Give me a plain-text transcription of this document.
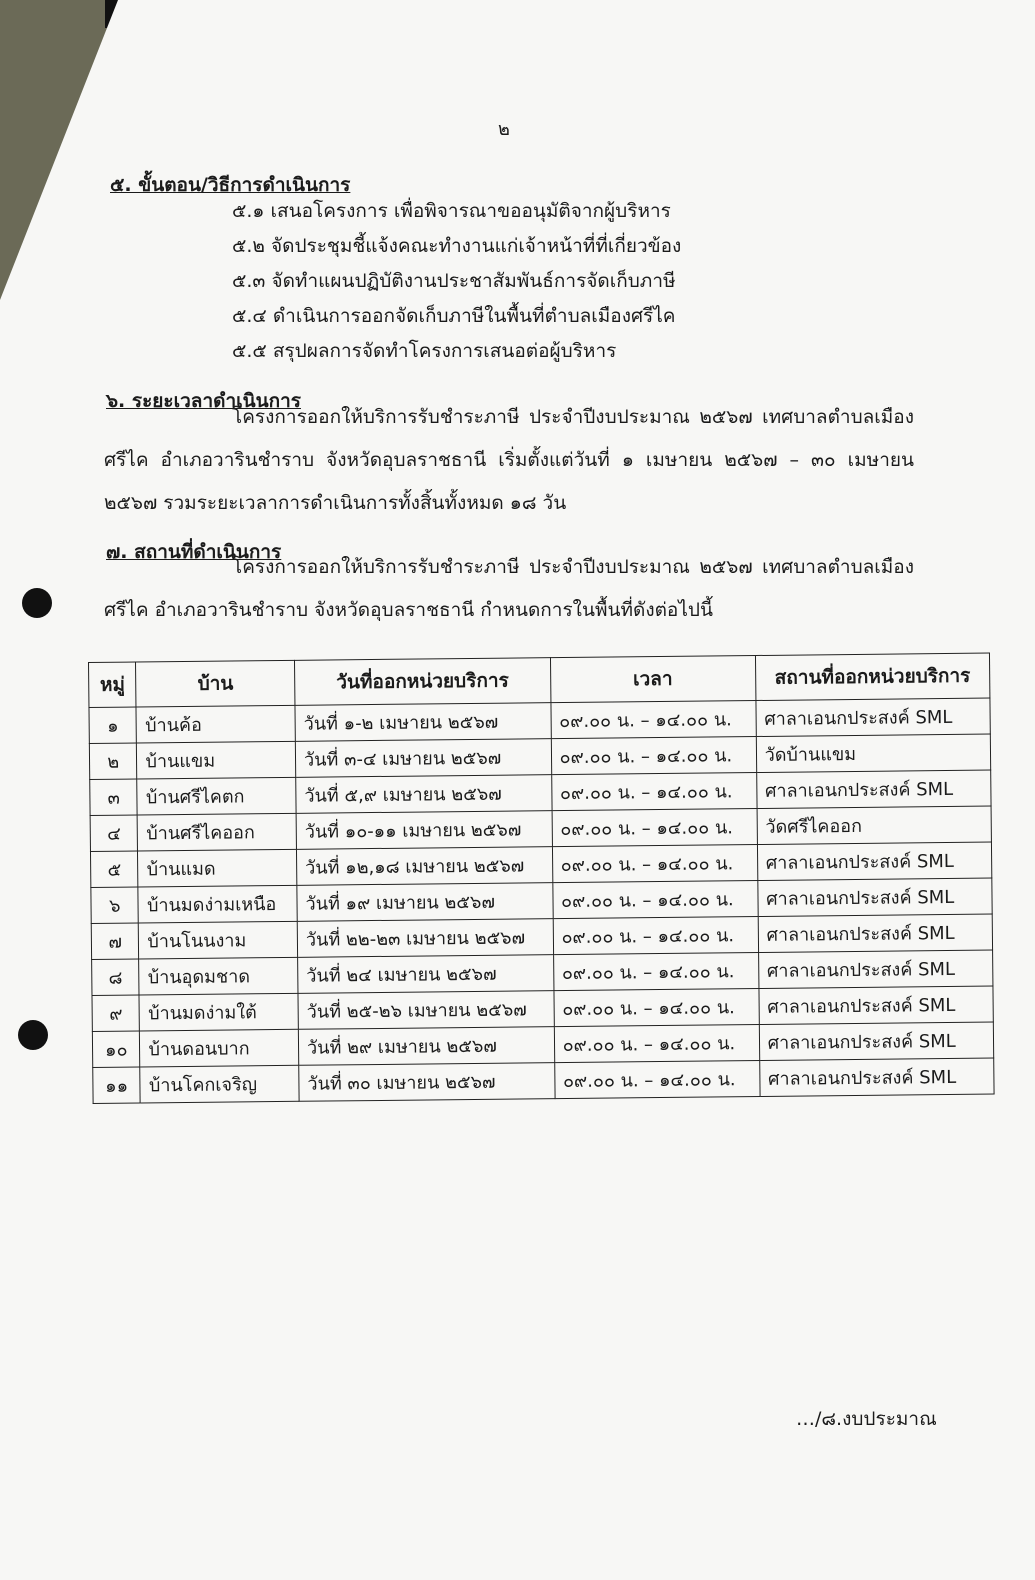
๒
๕. ขั้นตอน/วิธีการดำเนินการ
๕.๑ เสนอโครงการ เพื่อพิจารณาขออนุมัติจากผู้บริหาร
๕.๒ จัดประชุมชี้แจ้งคณะทำงานแก่เจ้าหน้าที่ที่เกี่ยวข้อง
๕.๓ จัดทำแผนปฏิบัติงานประชาสัมพันธ์การจัดเก็บภาษี
๕.๔ ดำเนินการออกจัดเก็บภาษีในพื้นที่ตำบลเมืองศรีไค
๕.๕ สรุปผลการจัดทำโครงการเสนอต่อผู้บริหาร
๖. ระยะเวลาดำเนินการ
โครงการออกให้บริการรับชำระภาษี ประจำปีงบประมาณ ๒๕๖๗ เทศบาลตำบลเมืองศรีไค อำเภอวารินชำราบ จังหวัดอุบลราชธานี เริ่มตั้งแต่วันที่ ๑ เมษายน ๒๕๖๗ – ๓๐ เมษายน ๒๕๖๗ รวมระยะเวลาการดำเนินการทั้งสิ้นทั้งหมด ๑๘ วัน
๗. สถานที่ดำเนินการ
โครงการออกให้บริการรับชำระภาษี ประจำปีงบประมาณ ๒๕๖๗ เทศบาลตำบลเมืองศรีไค อำเภอวารินชำราบ จังหวัดอุบลราชธานี กำหนดการในพื้นที่ดังต่อไปนี้
หมู่	บ้าน	วันที่ออกหน่วยบริการ	เวลา	สถานที่ออกหน่วยบริการ
๑	บ้านค้อ	วันที่ ๑-๒ เมษายน ๒๕๖๗	๐๙.๐๐ น. – ๑๔.๐๐ น.	ศาลาเอนกประสงค์ SML
๒	บ้านแขม	วันที่ ๓-๔ เมษายน ๒๕๖๗	๐๙.๐๐ น. – ๑๔.๐๐ น.	วัดบ้านแขม
๓	บ้านศรีไคตก	วันที่ ๕,๙ เมษายน ๒๕๖๗	๐๙.๐๐ น. – ๑๔.๐๐ น.	ศาลาเอนกประสงค์ SML
๔	บ้านศรีไคออก	วันที่ ๑๐-๑๑ เมษายน ๒๕๖๗	๐๙.๐๐ น. – ๑๔.๐๐ น.	วัดศรีไคออก
๕	บ้านแมด	วันที่ ๑๒,๑๘ เมษายน ๒๕๖๗	๐๙.๐๐ น. – ๑๔.๐๐ น.	ศาลาเอนกประสงค์ SML
๖	บ้านมดง่ามเหนือ	วันที่ ๑๙ เมษายน ๒๕๖๗	๐๙.๐๐ น. – ๑๔.๐๐ น.	ศาลาเอนกประสงค์ SML
๗	บ้านโนนงาม	วันที่ ๒๒-๒๓ เมษายน ๒๕๖๗	๐๙.๐๐ น. – ๑๔.๐๐ น.	ศาลาเอนกประสงค์ SML
๘	บ้านอุดมชาด	วันที่ ๒๔ เมษายน ๒๕๖๗	๐๙.๐๐ น. – ๑๔.๐๐ น.	ศาลาเอนกประสงค์ SML
๙	บ้านมดง่ามใต้	วันที่ ๒๕-๒๖ เมษายน ๒๕๖๗	๐๙.๐๐ น. – ๑๔.๐๐ น.	ศาลาเอนกประสงค์ SML
๑๐	บ้านดอนบาก	วันที่ ๒๙ เมษายน ๒๕๖๗	๐๙.๐๐ น. – ๑๔.๐๐ น.	ศาลาเอนกประสงค์ SML
๑๑	บ้านโคกเจริญ	วันที่ ๓๐ เมษายน ๒๕๖๗	๐๙.๐๐ น. – ๑๔.๐๐ น.	ศาลาเอนกประสงค์ SML
…/๘.งบประมาณ
